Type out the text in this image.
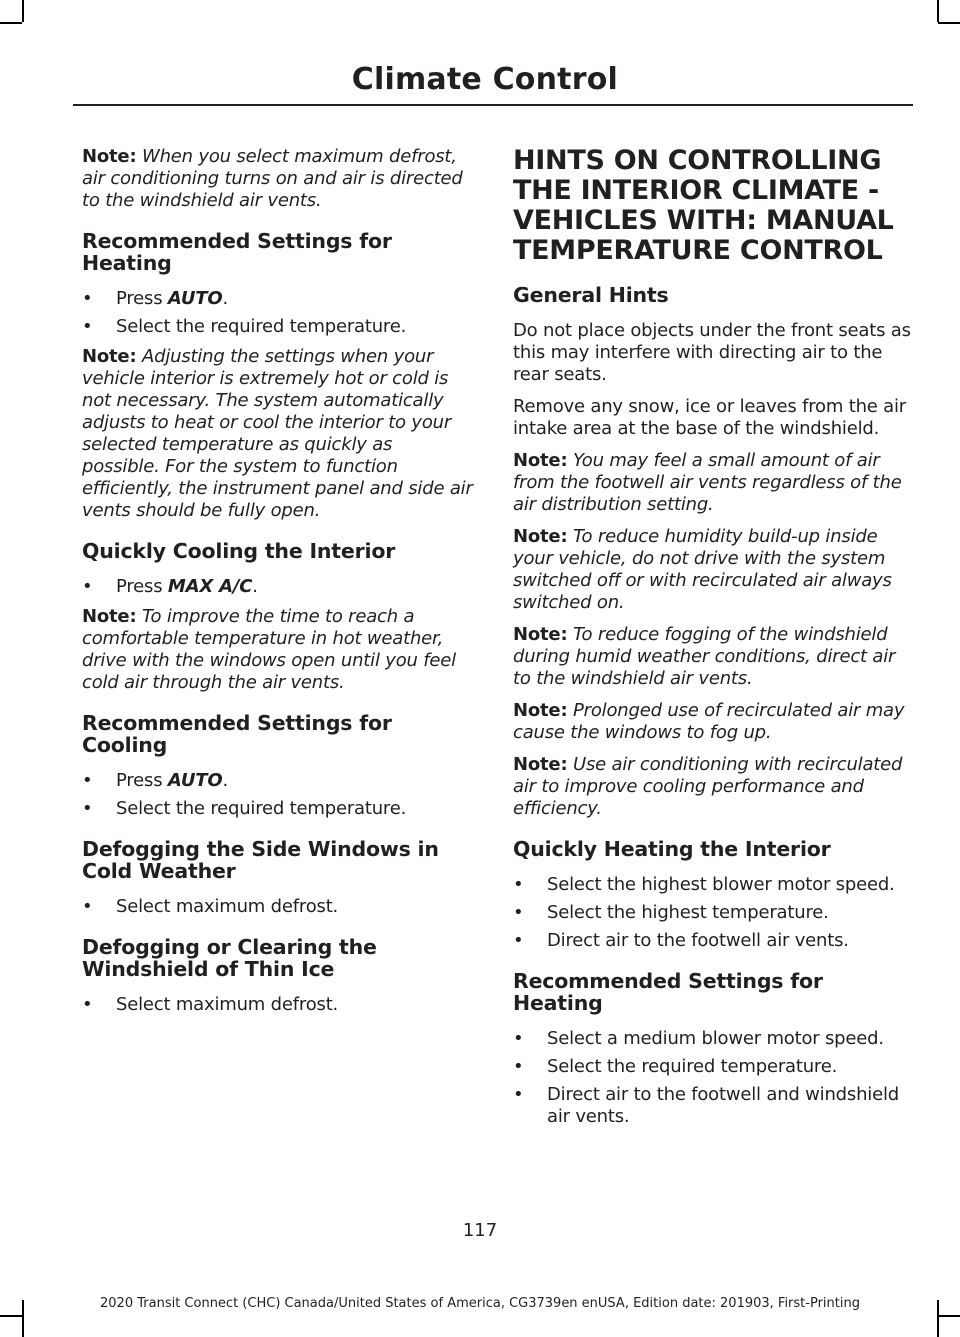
Climate Control

Note: When you select maximum defrost, air conditioning turns on and air is directed to the windshield air vents.

Recommended Settings for Heating
• Press AUTO.
• Select the required temperature.

Note: Adjusting the settings when your vehicle interior is extremely hot or cold is not necessary. The system automatically adjusts to heat or cool the interior to your selected temperature as quickly as possible. For the system to function efficiently, the instrument panel and side air vents should be fully open.

Quickly Cooling the Interior
• Press MAX A/C.

Note: To improve the time to reach a comfortable temperature in hot weather, drive with the windows open until you feel cold air through the air vents.

Recommended Settings for Cooling
• Press AUTO.
• Select the required temperature.
Defogging the Side Windows in Cold Weather
• Select maximum defrost.
Defogging or Clearing the Windshield of Thin Ice
• Select maximum defrost.
HINTS ON CONTROLLING THE INTERIOR CLIMATE - VEHICLES WITH: MANUAL TEMPERATURE CONTROL
General Hints

Do not place objects under the front seats as this may interfere with directing air to the rear seats.

Remove any snow, ice or leaves from the air intake area at the base of the windshield.

Note: You may feel a small amount of air from the footwell air vents regardless of the air distribution setting.

Note: To reduce humidity build-up inside your vehicle, do not drive with the system switched off or with recirculated air always switched on.

Note: To reduce fogging of the windshield during humid weather conditions, direct air to the windshield air vents.

Note: Prolonged use of recirculated air may cause the windows to fog up.

Note: Use air conditioning with recirculated air to improve cooling performance and efficiency.

Quickly Heating the Interior
• Select the highest blower motor speed.
• Select the highest temperature.
• Direct air to the footwell air vents.
Recommended Settings for Heating
• Select a medium blower motor speed.
• Select the required temperature.
• Direct air to the footwell and windshield air vents.
117
2020 Transit Connect (CHC) Canada/United States of America, CG3739en enUSA, Edition date: 201903, First-Printing
